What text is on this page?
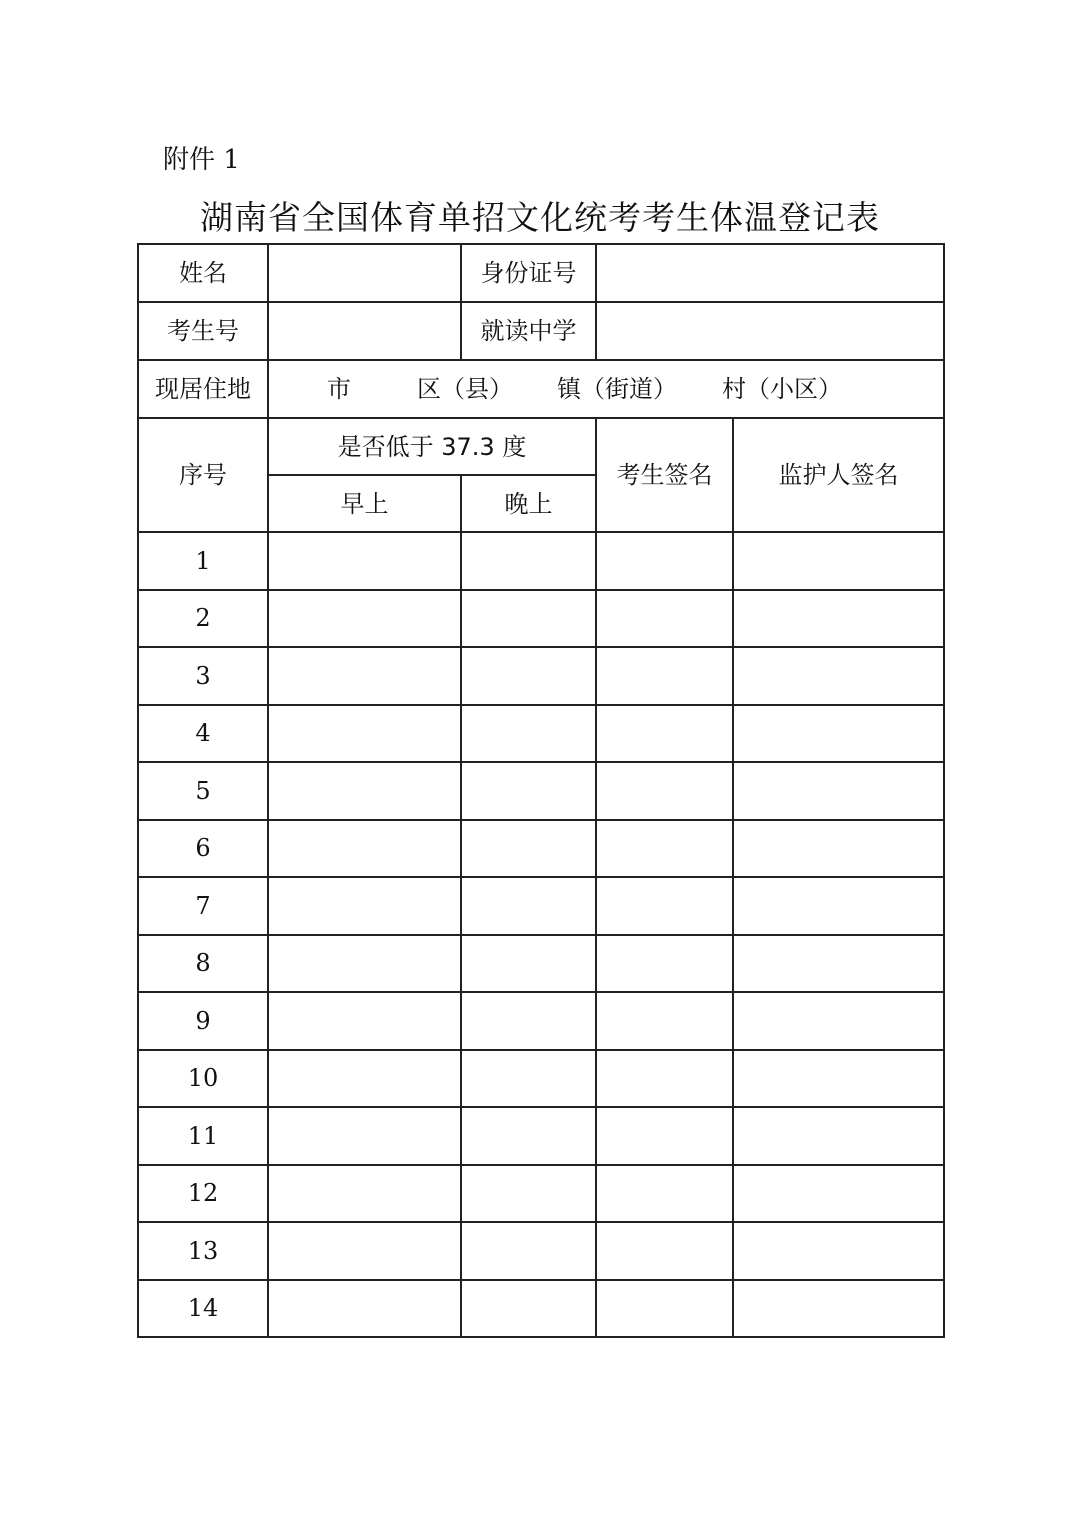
附件 1
湖南省全国体育单招文化统考考生体温登记表
姓名		身份证号		
考生号		就读中学		
现居住地	市 区（县） 镇（街道） 村（小区）			

序号	是否低于 37.3 度		考生签名	监护人签名
	早上	晚上		
1				
2				
3				
4				
5				
6				
7				
8				
9				
10				
11				
12				
13				
14				
